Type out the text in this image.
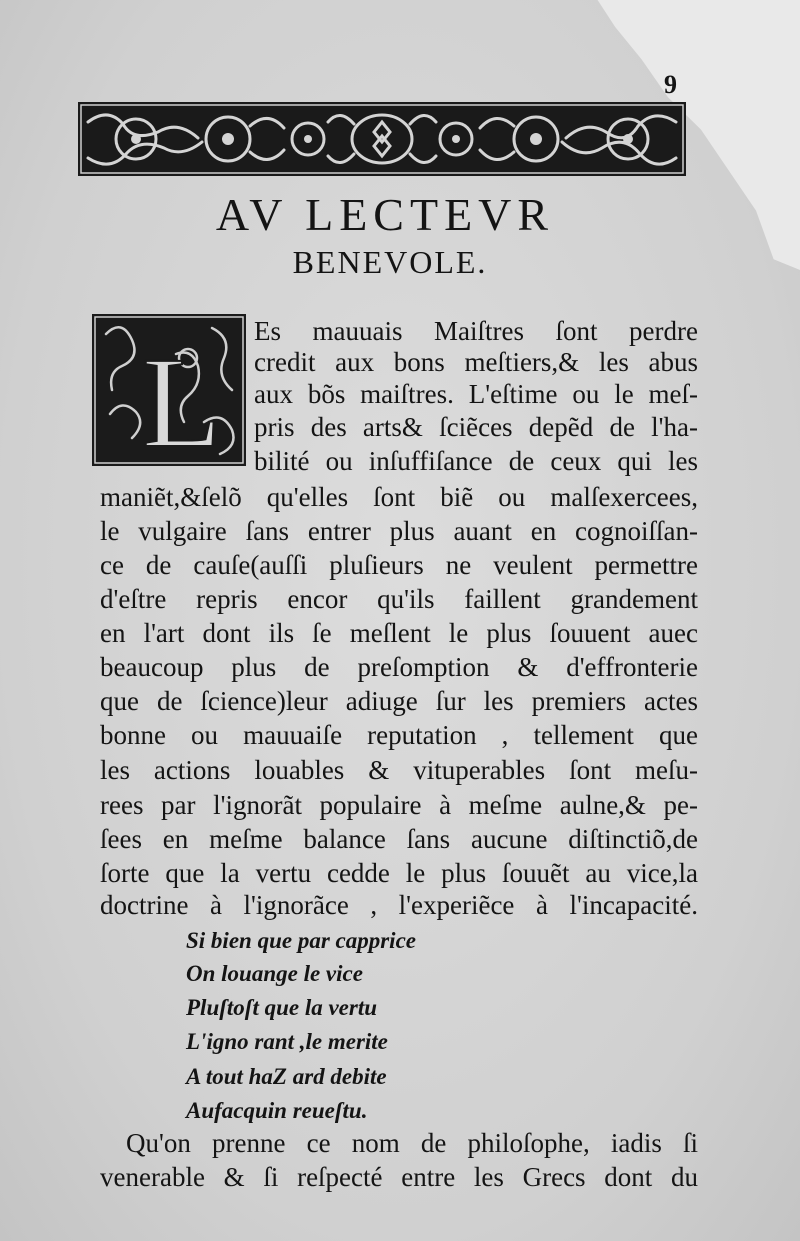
9
AV LECTEVR
BENEVOLE.
L Es mauuais Maiſtres ſont perdre
credit aux bons meſtiers,& les abus
aux bõs maiſtres. L'eſtime ou le meſ-
pris des arts& ſciẽces depẽd de l'ha-
bilité ou inſuffiſance de ceux qui les
maniẽt,&ſelõ qu'elles ſont biẽ ou malſexercees,
le vulgaire ſans entrer plus auant en cognoiſſan-
ce de cauſe(auſſi pluſieurs ne veulent permettre
d'eſtre repris encor qu'ils faillent grandement
en l'art dont ils ſe meſlent le plus ſouuent auec
beaucoup plus de preſomption & d'effronterie
que de ſcience)leur adiuge ſur les premiers actes
bonne ou mauuaiſe reputation , tellement que
les actions louables & vituperables ſont meſu-
rees par l'ignorãt populaire à meſme aulne,& pe-
ſees en meſme balance ſans aucune diſtinctiõ,de
ſorte que la vertu cedde le plus ſouuẽt au vice,la
doctrine à l'ignorãce , l'experiẽce à l'incapacité.
Si bien que par capprice
On louange le vice
Pluſtoſt que la vertu
L'igno rant ,le merite
A tout haZ ard debite
Aufacquin reueſtu.
Qu'on prenne ce nom de philoſophe, iadis ſi
venerable & ſi reſpecté entre les Grecs dont du
